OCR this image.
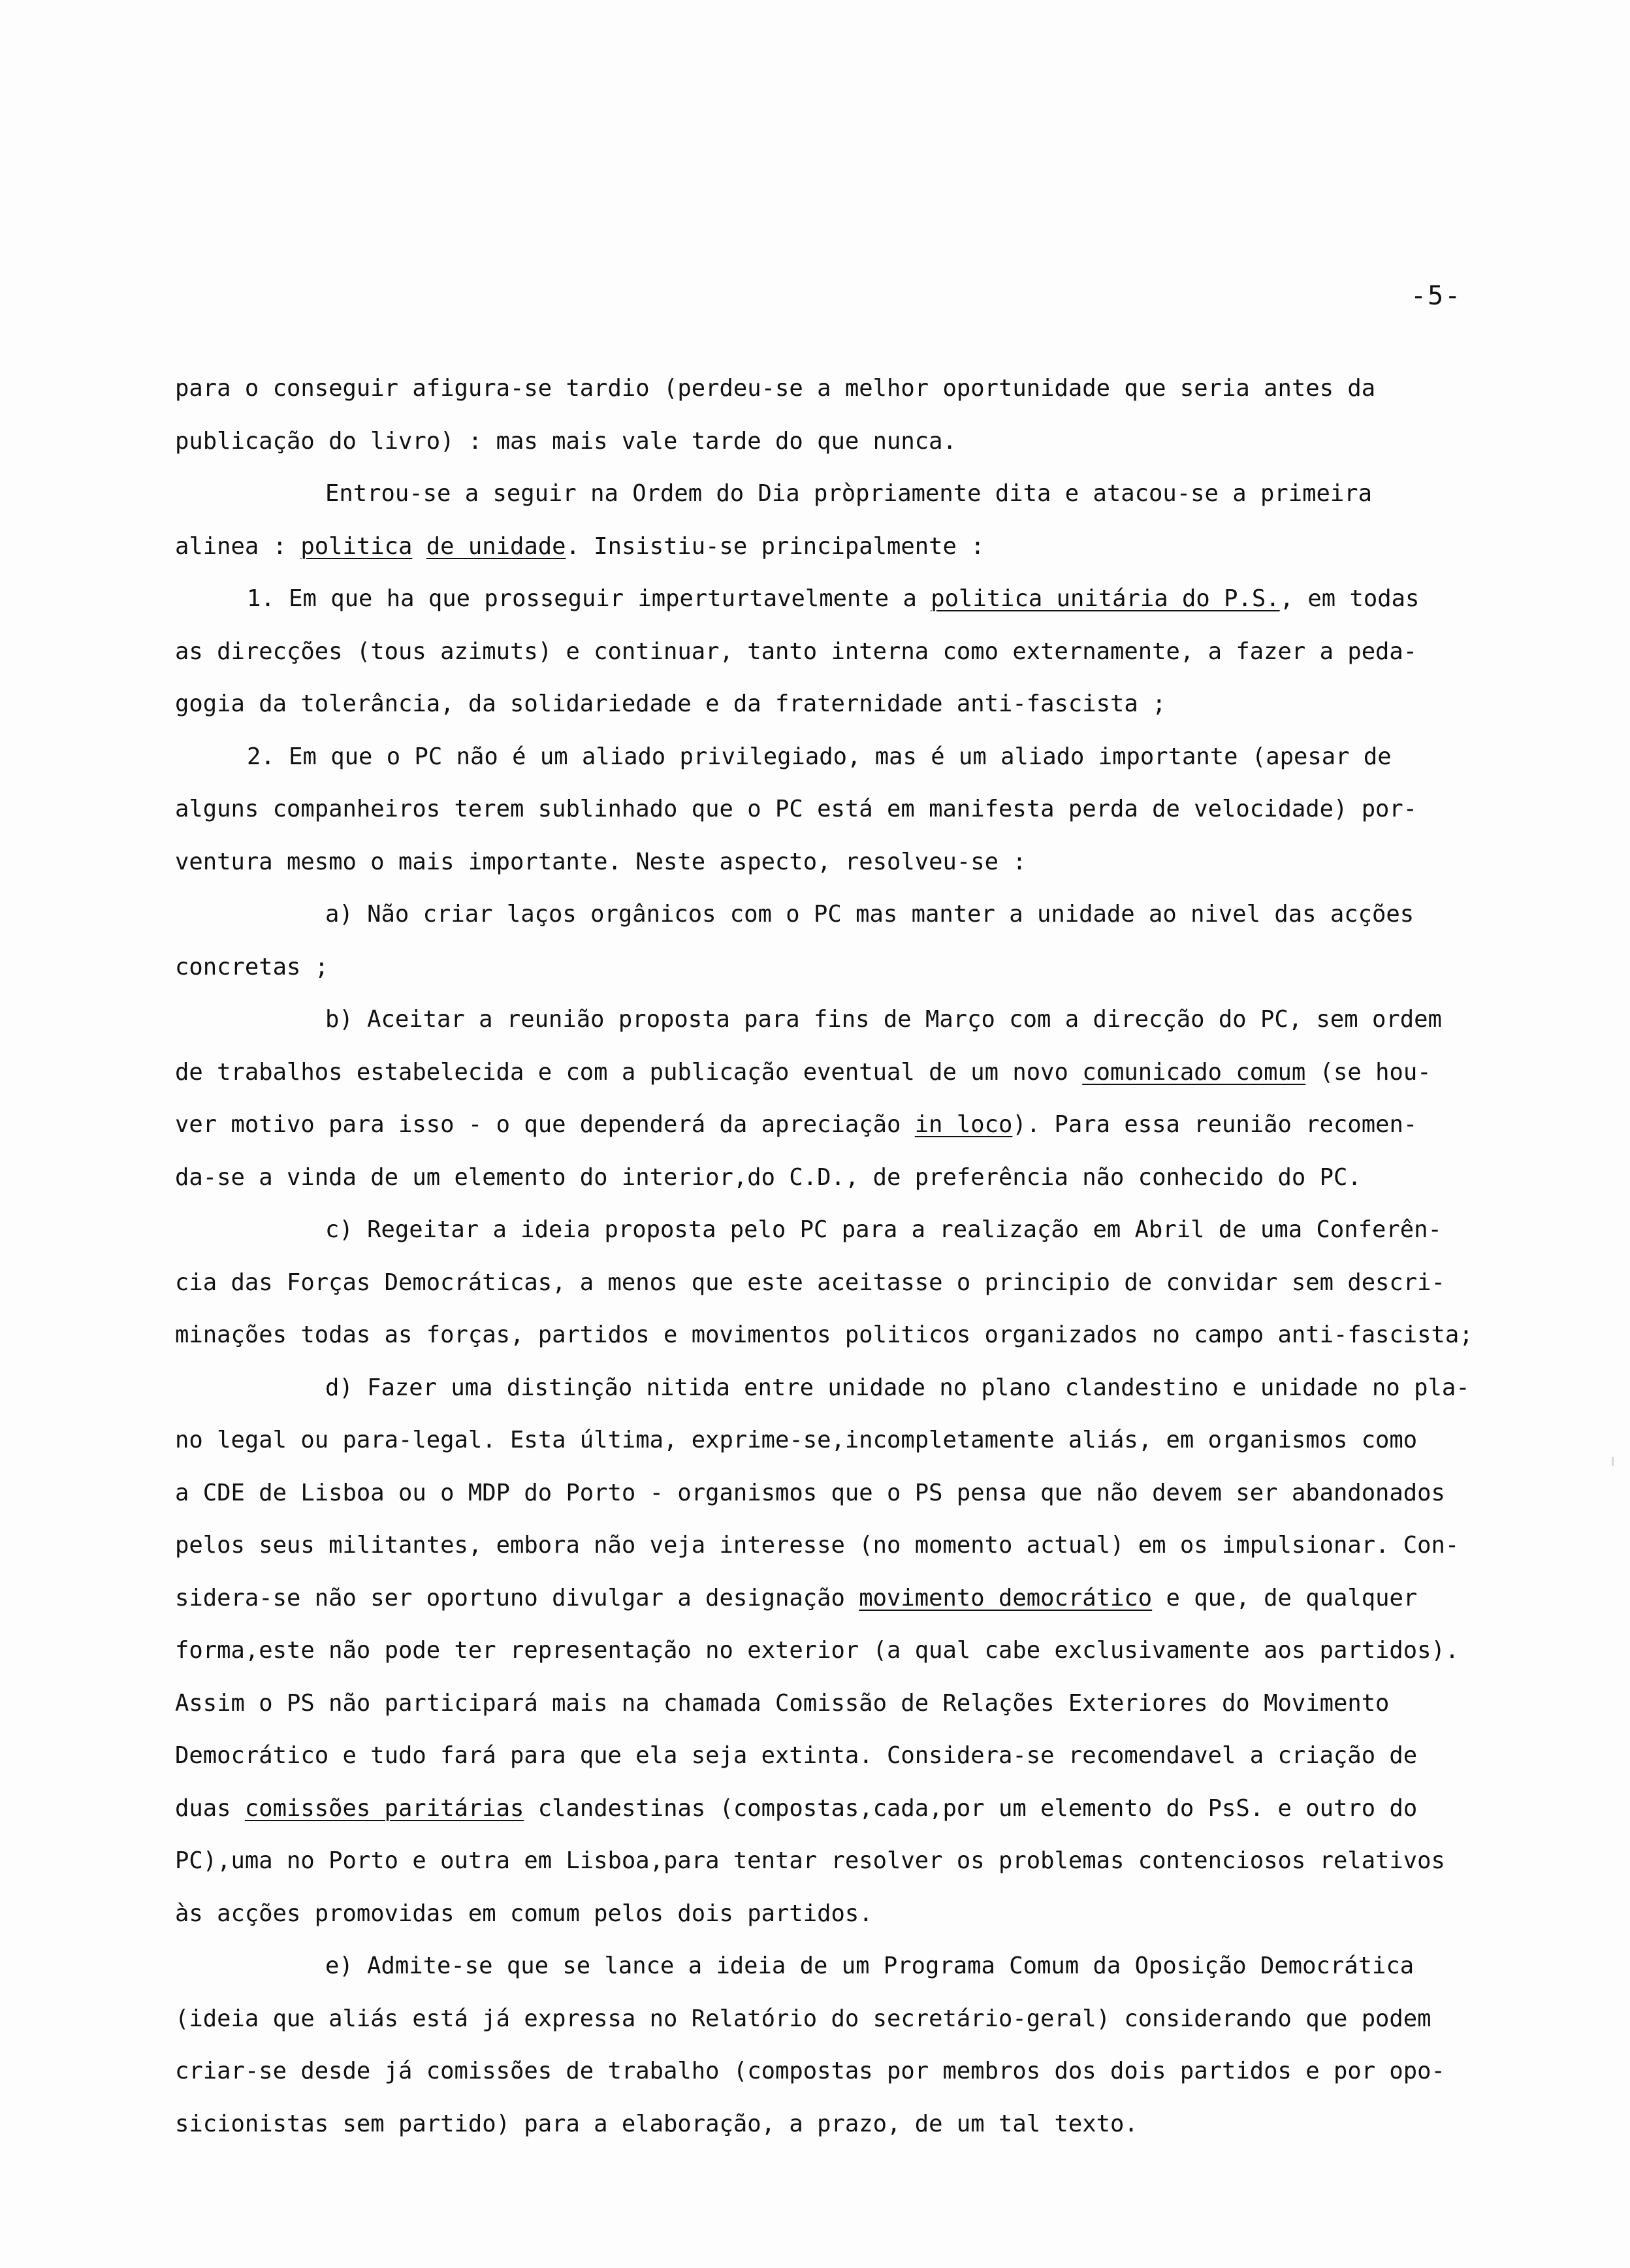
-5-
para o conseguir afigura-se tardio (perdeu-se a melhor oportunidade que seria antes da
publicação do livro) : mas mais vale tarde do que nunca.
Entrou-se a seguir na Ordem do Dia pròpriamente dita e atacou-se a primeira
alinea : politica de unidade. Insistiu-se principalmente :
1. Em que ha que prosseguir imperturtavelmente a politica unitária do P.S., em todas
as direcções (tous azimuts) e continuar, tanto interna como externamente, a fazer a peda-
gogia da tolerância, da solidariedade e da fraternidade anti-fascista ;
2. Em que o PC não é um aliado privilegiado, mas é um aliado importante (apesar de
alguns companheiros terem sublinhado que o PC está em manifesta perda de velocidade) por-
ventura mesmo o mais importante. Neste aspecto, resolveu-se :
a) Não criar laços orgânicos com o PC mas manter a unidade ao nivel das acções
concretas ;
b) Aceitar a reunião proposta para fins de Março com a direcção do PC, sem ordem
de trabalhos estabelecida e com a publicação eventual de um novo comunicado comum (se hou-
ver motivo para isso - o que dependerá da apreciação in loco). Para essa reunião recomen-
da-se a vinda de um elemento do interior,do C.D., de preferência não conhecido do PC.
c) Regeitar a ideia proposta pelo PC para a realização em Abril de uma Conferên-
cia das Forças Democráticas, a menos que este aceitasse o principio de convidar sem descri-
minações todas as forças, partidos e movimentos politicos organizados no campo anti-fascista;
d) Fazer uma distinção nitida entre unidade no plano clandestino e unidade no pla-
no legal ou para-legal. Esta última, exprime-se,incompletamente aliás, em organismos como
a CDE de Lisboa ou o MDP do Porto - organismos que o PS pensa que não devem ser abandonados
pelos seus militantes, embora não veja interesse (no momento actual) em os impulsionar. Con-
sidera-se não ser oportuno divulgar a designação movimento democrático e que, de qualquer
forma,este não pode ter representação no exterior (a qual cabe exclusivamente aos partidos).
Assim o PS não participará mais na chamada Comissão de Relações Exteriores do Movimento
Democrático e tudo fará para que ela seja extinta. Considera-se recomendavel a criação de
duas comissões paritárias clandestinas (compostas,cada,por um elemento do PsS. e outro do
PC),uma no Porto e outra em Lisboa,para tentar resolver os problemas contenciosos relativos
às acções promovidas em comum pelos dois partidos.
e) Admite-se que se lance a ideia de um Programa Comum da Oposição Democrática
(ideia que aliás está já expressa no Relatório do secretário-geral) considerando que podem
criar-se desde já comissões de trabalho (compostas por membros dos dois partidos e por opo-
sicionistas sem partido) para a elaboração, a prazo, de um tal texto.
